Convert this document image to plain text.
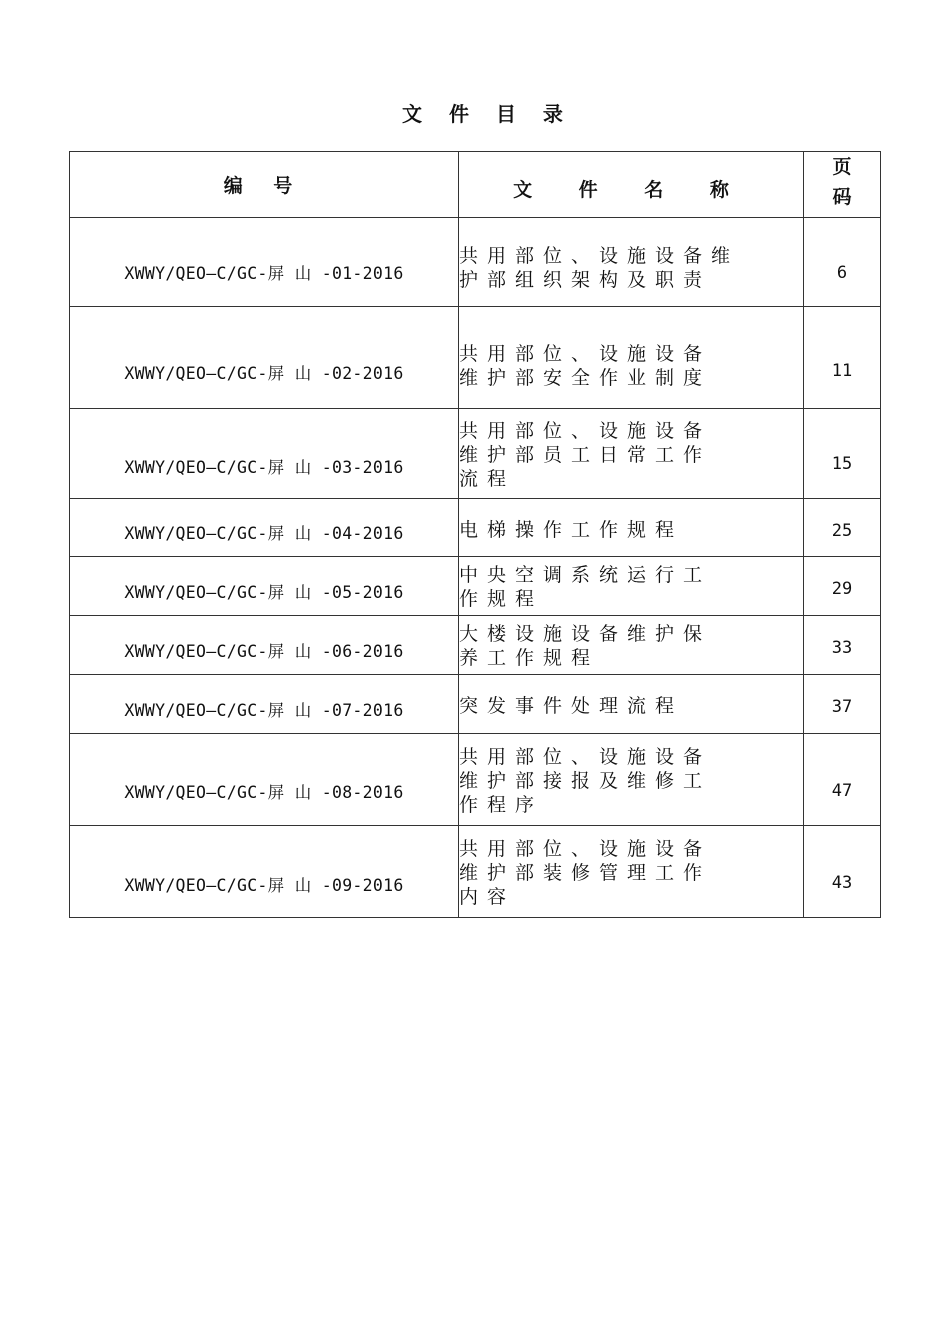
文 件 目 录
编 号	文 件 名 称	页
码

XWWY/QEO—C/GC-屏 山 -01-2016	共用部位、设施设备维
护部组织架构及职责	6
XWWY/QEO—C/GC-屏 山 -02-2016	共用部位、设施设备
维护部安全作业制度	11
XWWY/QEO—C/GC-屏 山 -03-2016	共用部位、设施设备
维护部员工日常工作
流程	15
XWWY/QEO—C/GC-屏 山 -04-2016	电梯操作工作规程	25
XWWY/QEO—C/GC-屏 山 -05-2016	中央空调系统运行工
作规程	29
XWWY/QEO—C/GC-屏 山 -06-2016	大楼设施设备维护保
养工作规程	33
XWWY/QEO—C/GC-屏 山 -07-2016	突发事件处理流程	37
XWWY/QEO—C/GC-屏 山 -08-2016	共用部位、设施设备
维护部接报及维修工
作程序	47
XWWY/QEO—C/GC-屏 山 -09-2016	共用部位、设施设备
维护部装修管理工作
内容	43
